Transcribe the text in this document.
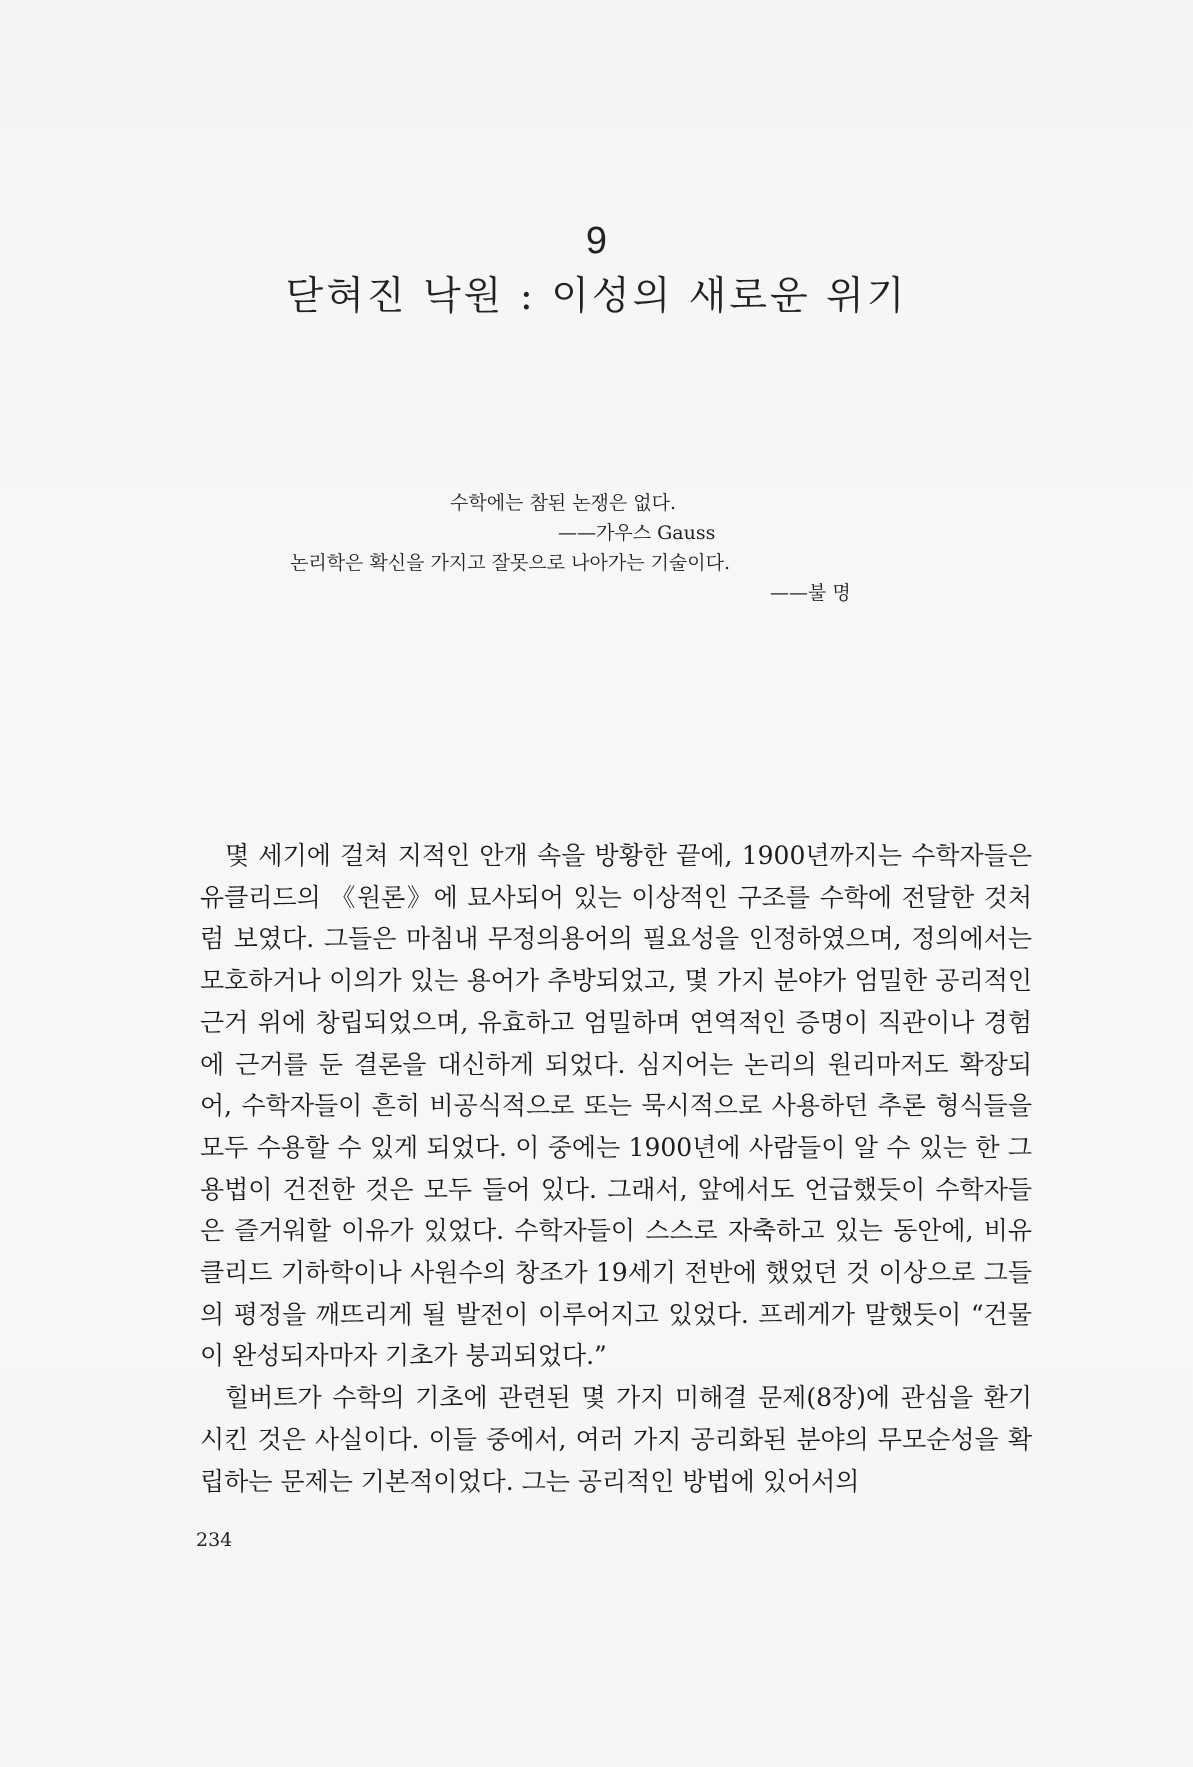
9
닫혀진 낙원 : 이성의 새로운 위기
수학에는 참된 논쟁은 없다.
——가우스 Gauss
논리학은 확신을 가지고 잘못으로 나아가는 기술이다.
——불 명

몇 세기에 걸쳐 지적인 안개 속을 방황한 끝에, 1900년까지는 수학자들은 유클리드의 《원론》에 묘사되어 있는 이상적인 구조를 수학에 전달한 것처럼 보였다. 그들은 마침내 무정의용어의 필요성을 인정하였으며, 정의에서는 모호하거나 이의가 있는 용어가 추방되었고, 몇 가지 분야가 엄밀한 공리적인 근거 위에 창립되었으며, 유효하고 엄밀하며 연역적인 증명이 직관이나 경험에 근거를 둔 결론을 대신하게 되었다. 심지어는 논리의 원리마저도 확장되어, 수학자들이 흔히 비공식적으로 또는 묵시적으로 사용하던 추론 형식들을 모두 수용할 수 있게 되었다. 이 중에는 1900년에 사람들이 알 수 있는 한 그 용법이 건전한 것은 모두 들어 있다. 그래서, 앞에서도 언급했듯이 수학자들은 즐거워할 이유가 있었다. 수학자들이 스스로 자축하고 있는 동안에, 비유클리드 기하학이나 사원수의 창조가 19세기 전반에 했었던 것 이상으로 그들의 평정을 깨뜨리게 될 발전이 이루어지고 있었다. 프레게가 말했듯이 “건물이 완성되자마자 기초가 붕괴되었다.”

힐버트가 수학의 기초에 관련된 몇 가지 미해결 문제(8장)에 관심을 환기시킨 것은 사실이다. 이들 중에서, 여러 가지 공리화된 분야의 무모순성을 확립하는 문제는 기본적이었다. 그는 공리적인 방법에 있어서의

234
